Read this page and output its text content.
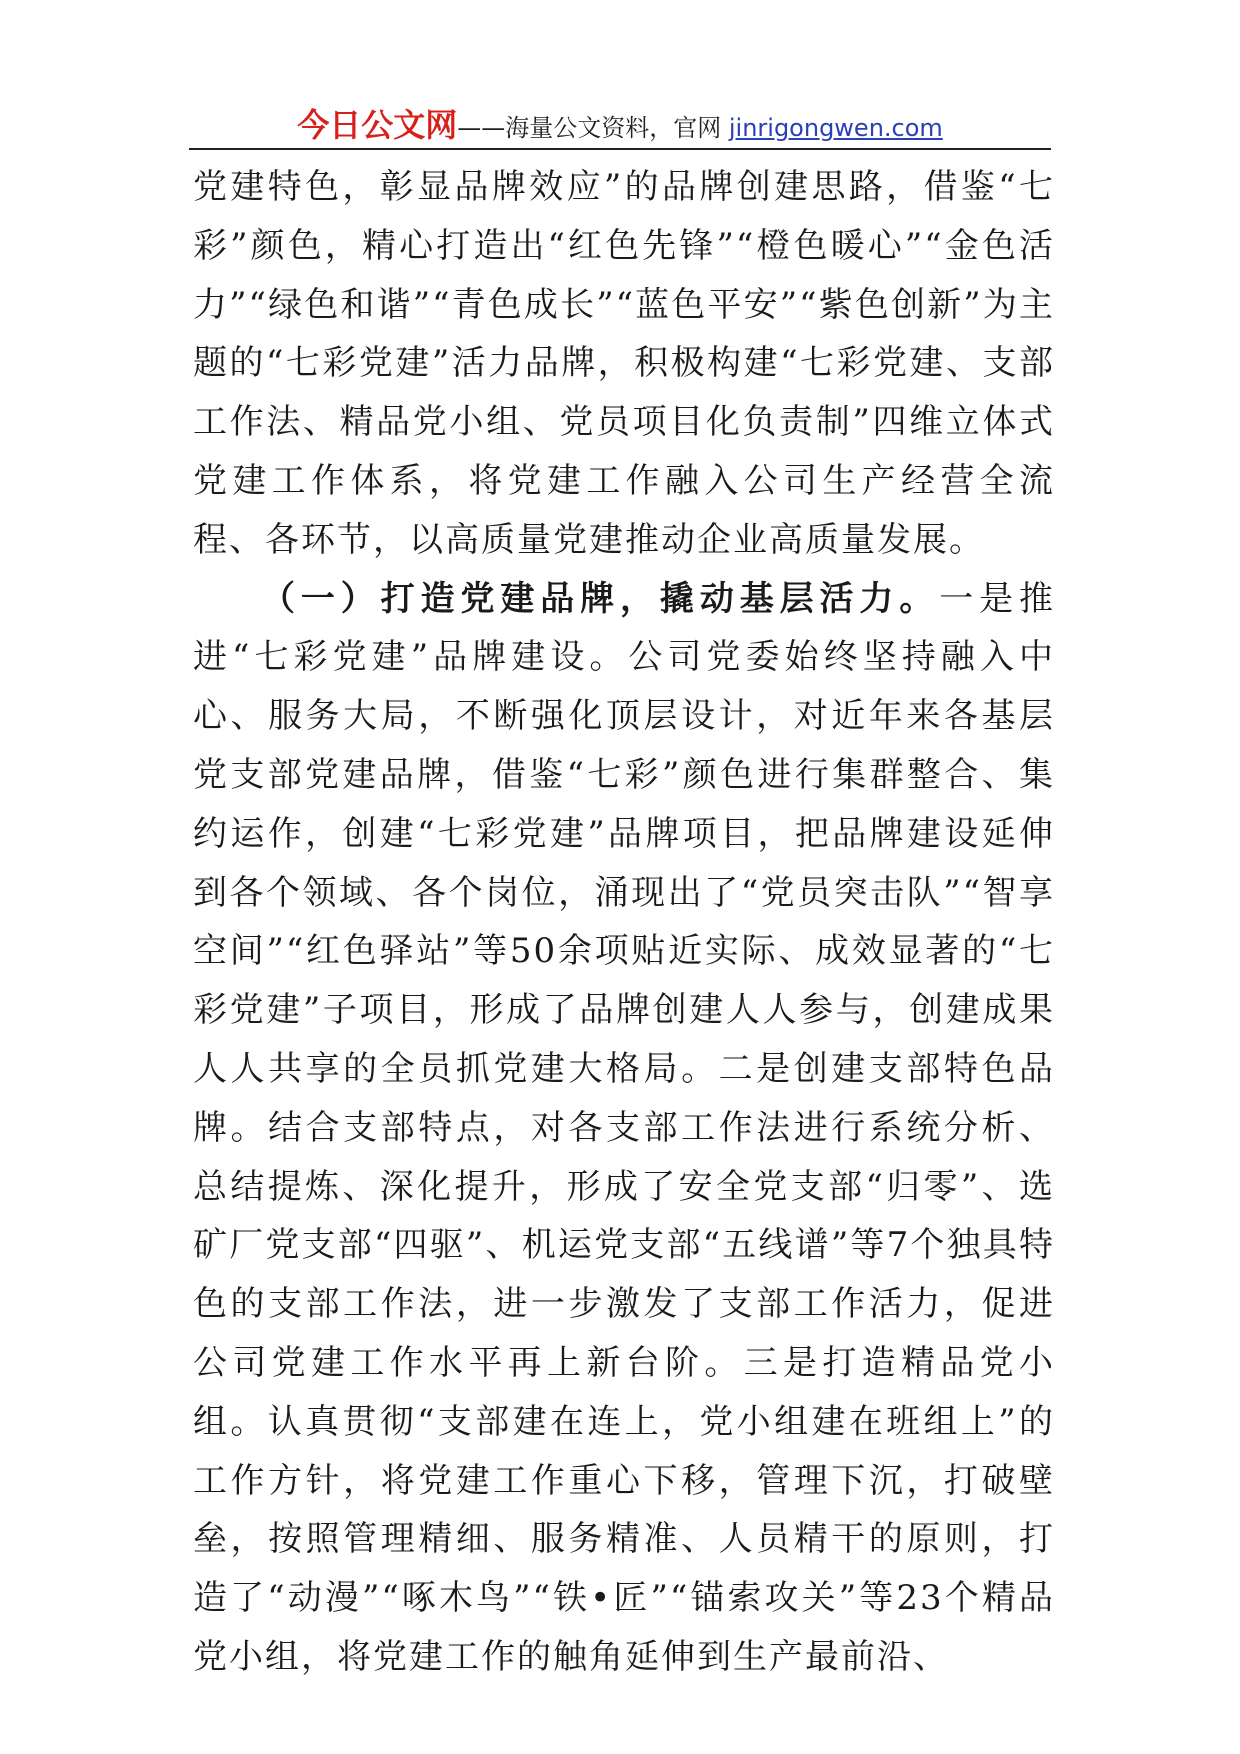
今日公文网——海量公文资料，官网 jinrigongwen.com

党建特色，彰显品牌效应”的品牌创建思路，借鉴“七彩”颜色，精心打造出“红色先锋”“橙色暖心”“金色活力”“绿色和谐”“青色成长”“蓝色平安”“紫色创新”为主题的“七彩党建”活力品牌，积极构建“七彩党建、支部工作法、精品党小组、党员项目化负责制”四维立体式党建工作体系，将党建工作融入公司生产经营全流程、各环节，以高质量党建推动企业高质量发展。

（一）打造党建品牌，撬动基层活力。一是推进“七彩党建”品牌建设。公司党委始终坚持融入中心、服务大局，不断强化顶层设计，对近年来各基层党支部党建品牌，借鉴“七彩”颜色进行集群整合、集约运作，创建“七彩党建”品牌项目，把品牌建设延伸到各个领域、各个岗位，涌现出了“党员突击队”“智享空间”“红色驿站”等50余项贴近实际、成效显著的“七彩党建”子项目，形成了品牌创建人人参与，创建成果人人共享的全员抓党建大格局。二是创建支部特色品牌。结合支部特点，对各支部工作法进行系统分析、总结提炼、深化提升，形成了安全党支部“归零”、选矿厂党支部“四驱”、机运党支部“五线谱”等7个独具特色的支部工作法，进一步激发了支部工作活力，促进公司党建工作水平再上新台阶。三是打造精品党小组。认真贯彻“支部建在连上，党小组建在班组上”的工作方针，将党建工作重心下移，管理下沉，打破壁垒，按照管理精细、服务精准、人员精干的原则，打造了“动漫”“啄木鸟”“铁•匠”“锚索攻关”等23个精品党小组，将党建工作的触角延伸到生产最前沿、
